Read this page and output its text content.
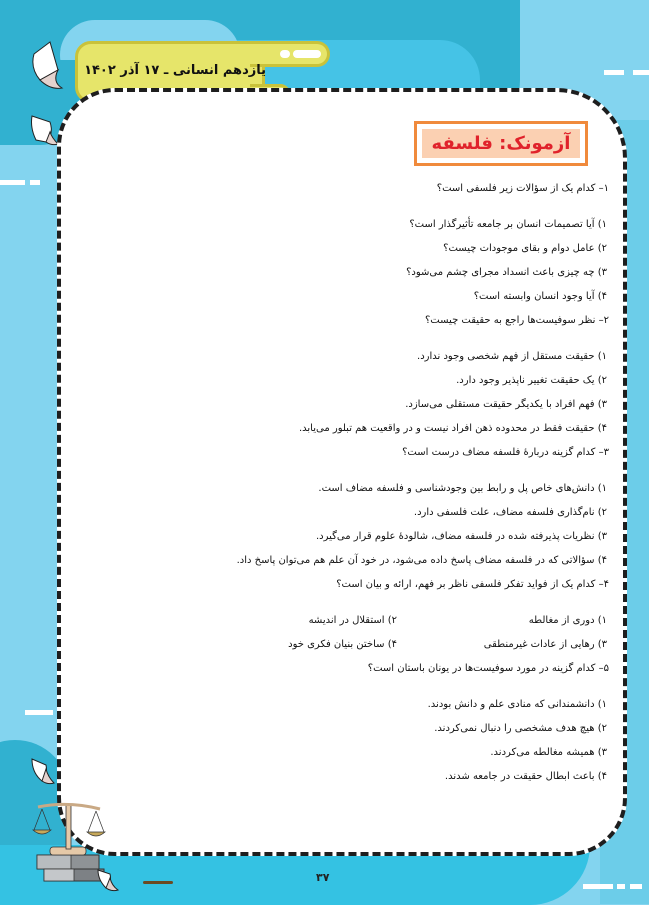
یازدهم انسانی ـ ۱۷ آذر ۱۴۰۲
آزمونک: فلسفه

۱– کدام یک از سؤالات زیر فلسفی است؟

۱) آیا تصمیمات انسان بر جامعه تأثیرگذار است؟
۲) عامل دوام و بقای موجودات چیست؟
۳) چه چیزی باعث انسداد مجرای چشم می‌شود؟
۴) آیا وجود انسان وابسته است؟

۲– نظر سوفیست‌ها راجع به حقیقت چیست؟

۱) حقیقت مستقل از فهم شخصی وجود ندارد.
۲) یک حقیقت تغییر ناپذیر وجود دارد.
۳) فهم افراد با یکدیگر حقیقت مستقلی می‌سازد.
۴) حقیقت فقط در محدوده ذهن افراد نیست و در واقعیت هم تبلور می‌یابد.

۳– کدام گزینه دربارهٔ فلسفه مضاف درست است؟

۱) دانش‌های خاص پل و رابط بین وجودشناسی و فلسفه مضاف است.
۲) نام‌گذاری فلسفه مضاف، علت فلسفی دارد.
۳) نظریات پذیرفته شده در فلسفه مضاف، شالودهٔ علوم قرار می‌گیرد.
۴) سؤالاتی که در فلسفه مضاف پاسخ داده می‌شود، در خود آن علم هم می‌توان پاسخ داد.

۴– کدام یک از فواید تفکر فلسفی ناظر بر فهم، ارائه و بیان است؟

۱) دوری از مغالطه
۲) استقلال در اندیشه
۳) رهایی از عادات غیرمنطقی
۴) ساختن بنیان فکری خود

۵– کدام گزینه در مورد سوفیست‌ها در یونان باستان است؟

۱) دانشمندانی که منادی علم و دانش بودند.
۲) هیچ هدف مشخصی را دنبال نمی‌کردند.
۳) همیشه مغالطه می‌کردند.
۴) باعث ابطال حقیقت در جامعه شدند.
۳۷
